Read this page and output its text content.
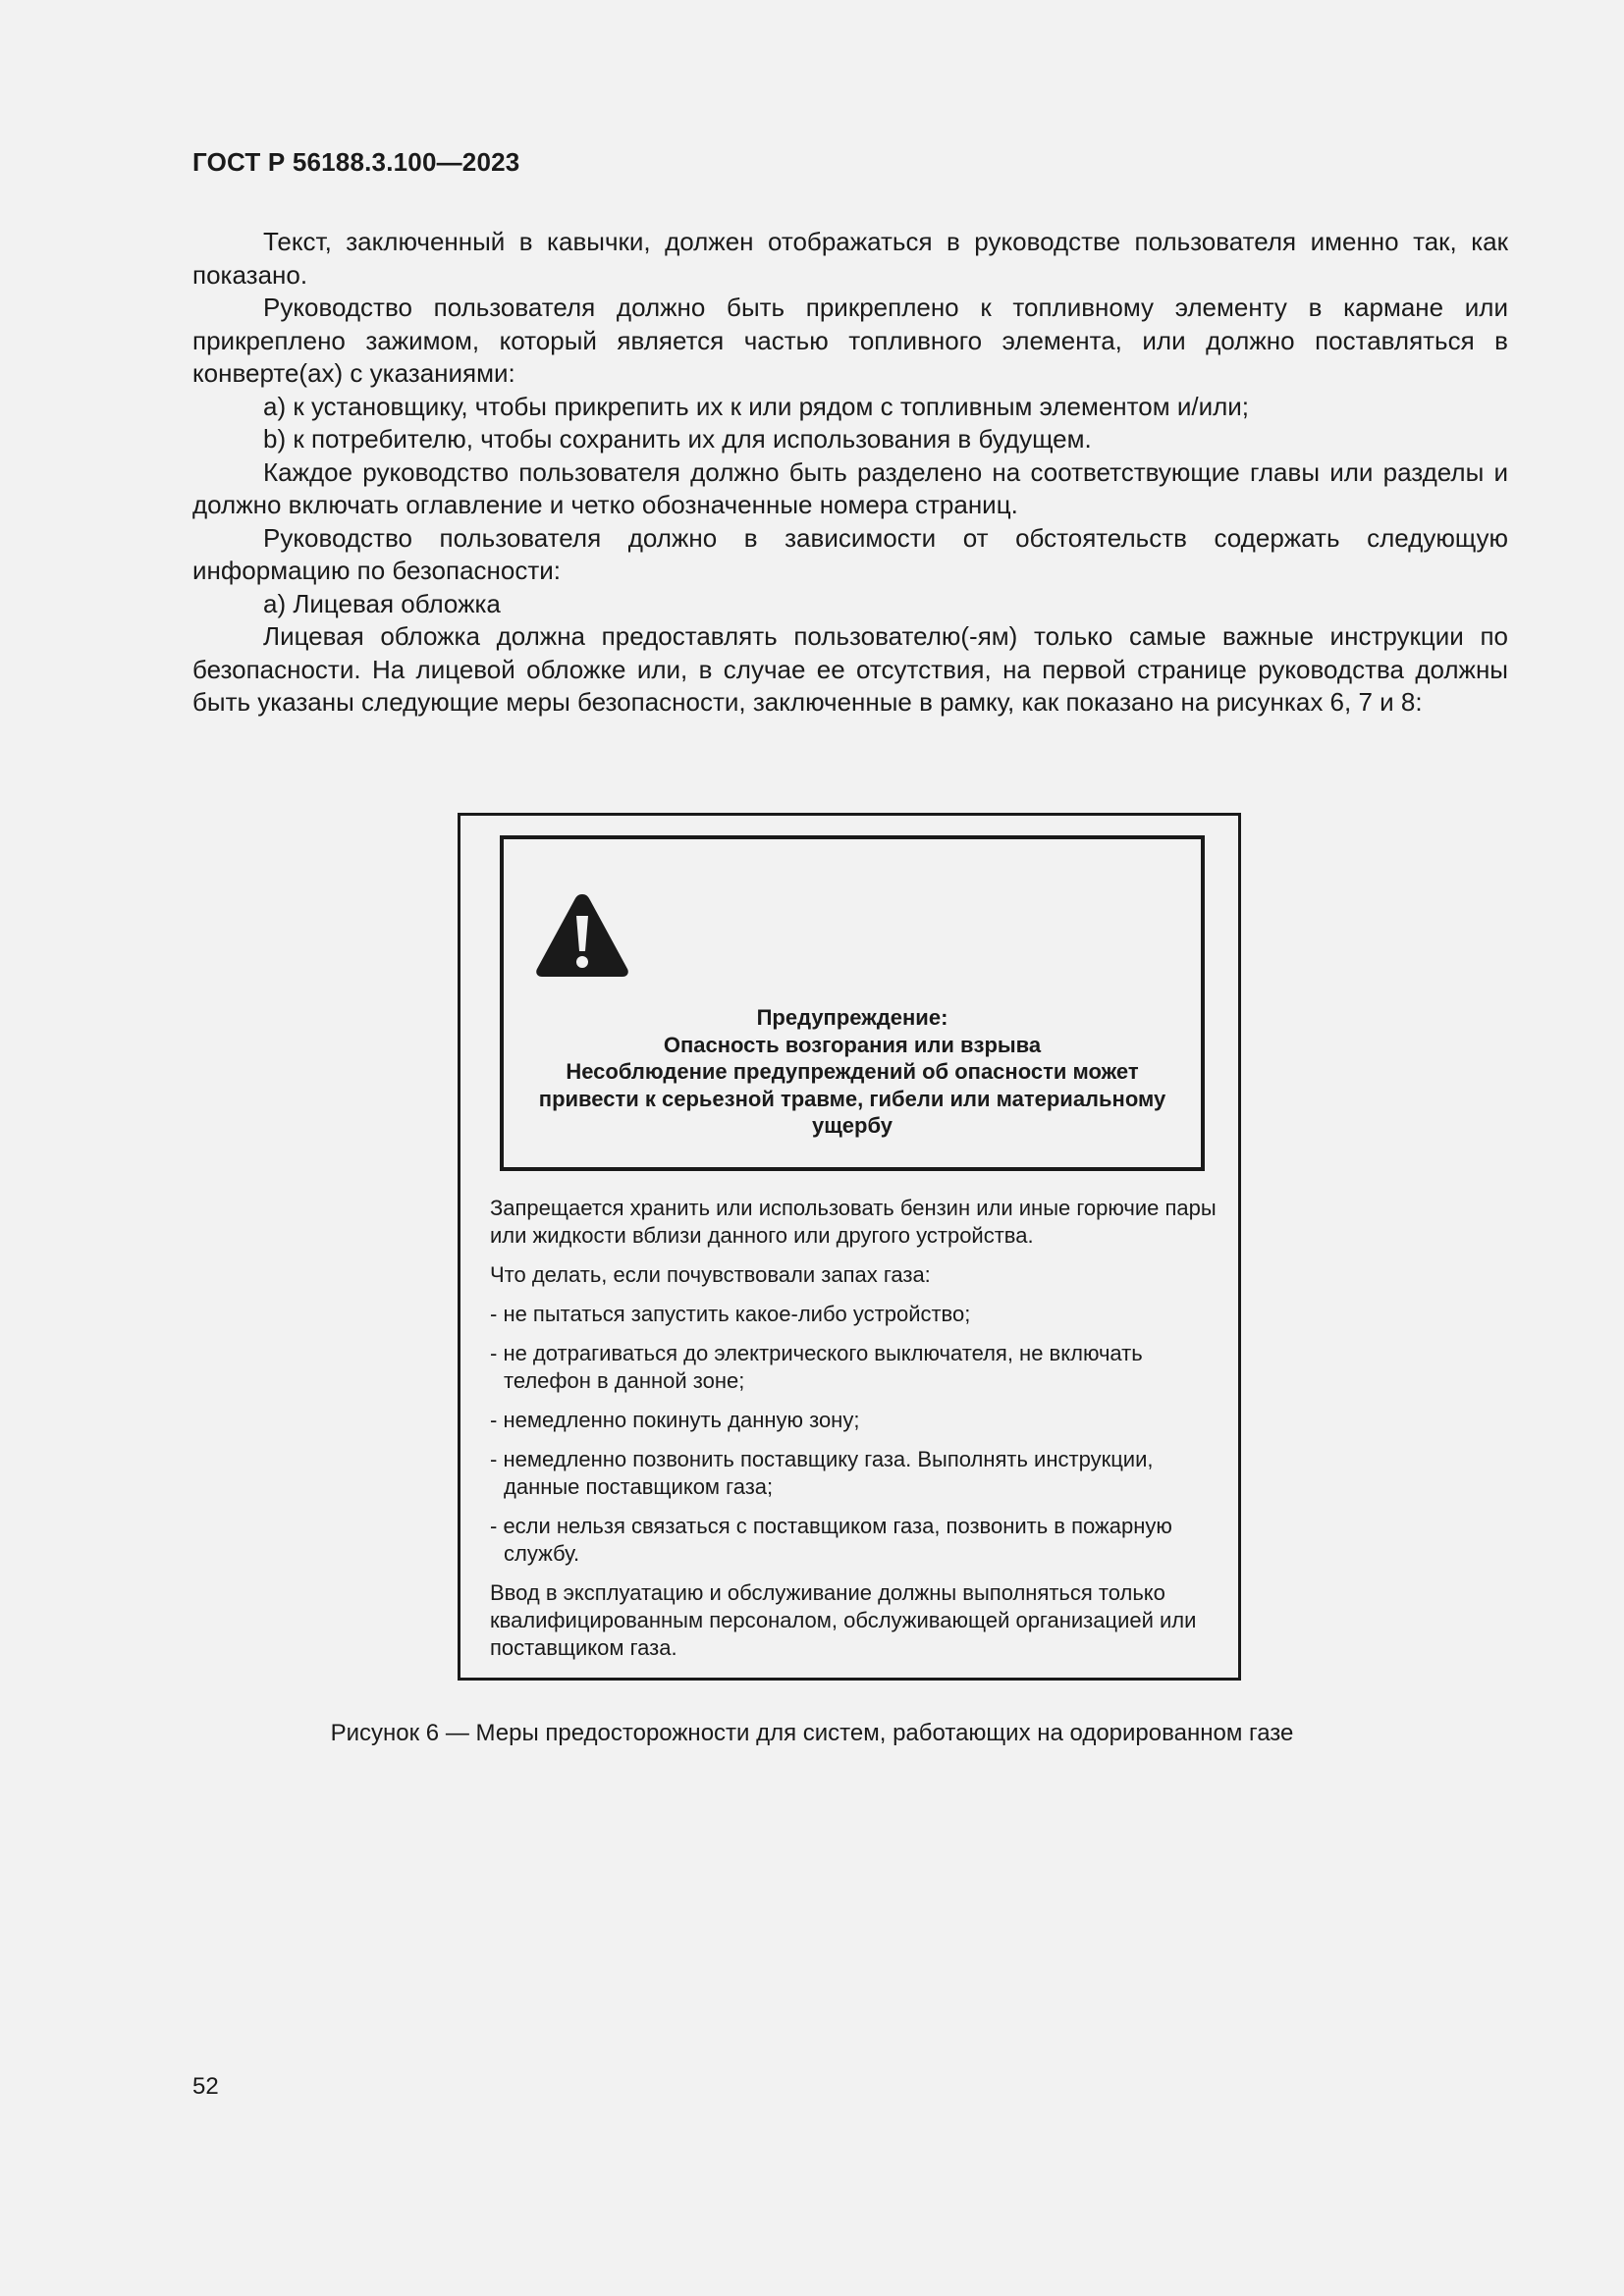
ГОСТ Р 56188.3.100—2023

Текст, заключенный в кавычки, должен отображаться в руководстве пользователя именно так, как показано.

Руководство пользователя должно быть прикреплено к топливному элементу в кармане или прикреплено зажимом, который является частью топливного элемента, или должно поставляться в конверте(ах) с указаниями:

а) к установщику, чтобы прикрепить их к или рядом с топливным элементом и/или;

b) к потребителю, чтобы сохранить их для использования в будущем.

Каждое руководство пользователя должно быть разделено на соответствующие главы или разделы и должно включать оглавление и четко обозначенные номера страниц.

Руководство пользователя должно в зависимости от обстоятельств содержать следующую информацию по безопасности:

а) Лицевая обложка

Лицевая обложка должна предоставлять пользователю(-ям) только самые важные инструкции по безопасности. На лицевой обложке или, в случае ее отсутствия, на первой странице руководства должны быть указаны следующие меры безопасности, заключенные в рамку, как показано на рисунках 6, 7 и 8:

Предупреждение:
Опасность возгорания или взрыва
Несоблюдение предупреждений об опасности может
привести к серьезной травме, гибели или материальному
ущербу

Запрещается хранить или использовать бензин или иные горючие пары или жидкости вблизи данного или другого устройства.

Что делать, если почувствовали запах газа:

- не пытаться запустить какое-либо устройство;

- не дотрагиваться до электрического выключателя, не включать телефон в данной зоне;

- немедленно покинуть данную зону;

- немедленно позвонить поставщику газа. Выполнять инструкции, данные поставщиком газа;

- если нельзя связаться с поставщиком газа, позвонить в пожарную службу.

Ввод в эксплуатацию и обслуживание должны выполняться только квалифицированным персоналом, обслуживающей организацией или поставщиком газа.

Рисунок 6 — Меры предосторожности для систем, работающих на одорированном газе
52
